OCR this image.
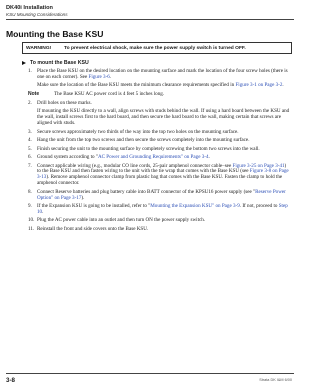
DK40i Installation
KSU Mounting Considerations
Mounting the Base KSU
WARNING!	To prevent electrical shock, make sure the power supply switch is turned OFF.
To mount the Base KSU
1.	Place the Base KSU on the desired location on the mounting surface and mark the location of the four screw holes (there is one on each corner). See Figure 3-6.

Make sure the location of the Base KSU meets the minimum clearance requirements specified in Figure 3-1 on Page 3-2.

Note	The Base KSU AC power cord is 4 feet 5 inches long.
2.	Drill holes on these marks.

If mounting the KSU directly to a wall, align screws with studs behind the wall. If using a hard board between the KSU and the wall, install screws first to the hard board, and then secure the hard board to the wall, making certain that screws are aligned with studs.

3.	Secure screws approximately two thirds of the way into the top two holes on the mounting surface.
4.	Hang the unit from the top two screws and then secure the screws completely into the mounting surface.
5.	Finish securing the unit to the mounting surface by completely screwing the bottom two screws into the wall.
6.	Ground system according to "AC Power and Grounding Requirements" on Page 3-4.
7.	Connect applicable wiring (e.g., modular CO line cords, 25-pair amphenol connector cable–see Figure 3-25 on Page 3-41) to the Base KSU and then fasten wiring to the unit with the tie wrap that comes with the Base KSU (see Figure 3-8 on Page 3-13). Remove amphenol connector clamp from plastic bag that comes with the Base KSU. Fasten the clamp to hold the amphenol connector.
8.	Connect Reserve batteries and plug battery cable into BATT connector of the KPSU16 power supply (see "Reserve Power Option" on Page 3-17).
9.	If the Expansion KSU is going to be installed, refer to "Mounting the Expansion KSU" on Page 3-9. If not, proceed to Step 10.
10. Plug the AC power cable into an outlet and then turn ON the power supply switch.
11. Reinstall the front and side covers onto the Base KSU.
3-8	Strata DK I&M 6/00
